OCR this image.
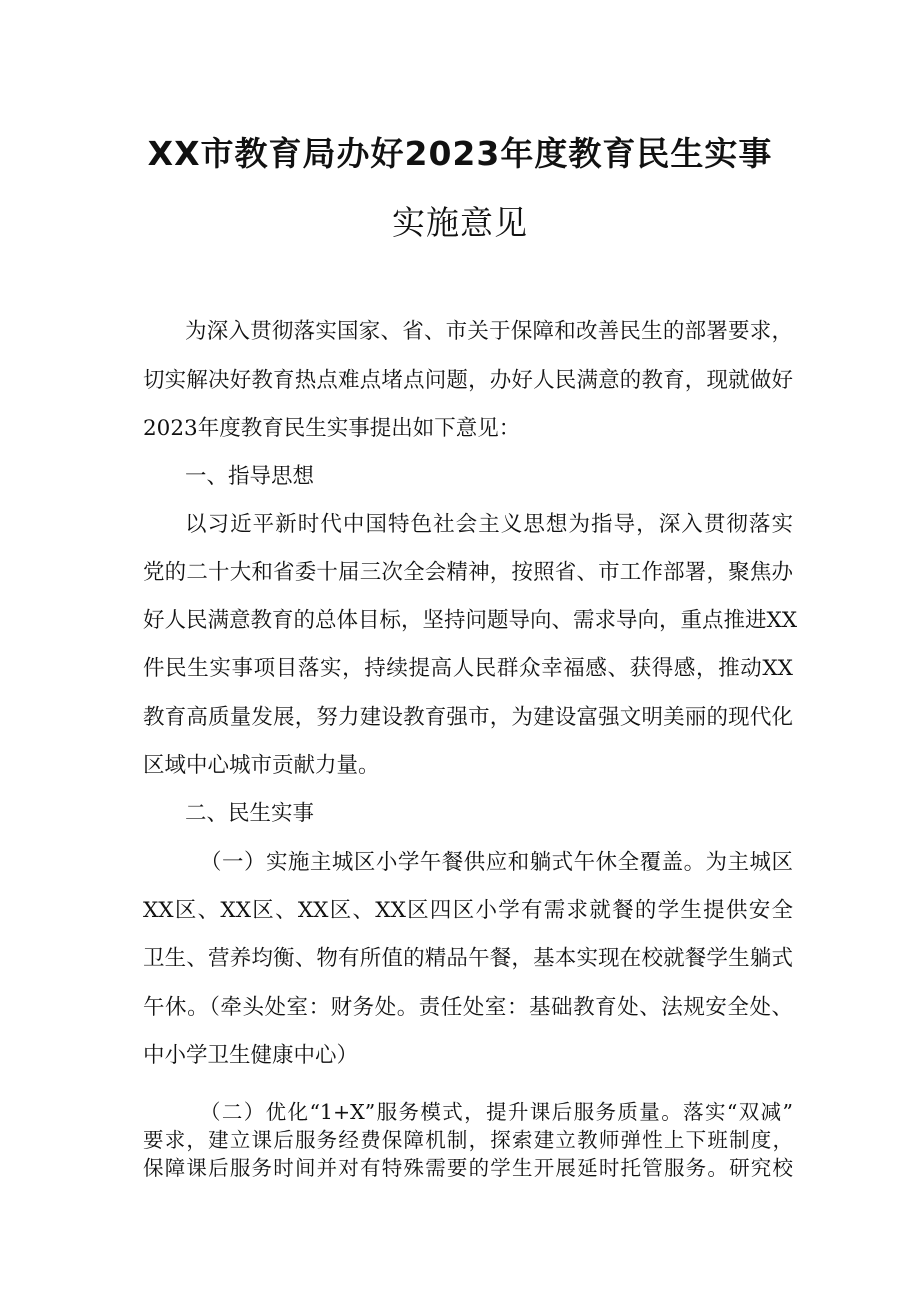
XX市教育局办好2023年度教育民生实事
实施意见
为深入贯彻落实国家、省、市关于保障和改善民生的部署要求，
切实解决好教育热点难点堵点问题，办好人民满意的教育，现就做好
2023年度教育民生实事提出如下意见：
一、指导思想
以习近平新时代中国特色社会主义思想为指导，深入贯彻落实
党的二十大和省委十届三次全会精神，按照省、市工作部署，聚焦办
好人民满意教育的总体目标，坚持问题导向、需求导向，重点推进XX
件民生实事项目落实，持续提高人民群众幸福感、获得感，推动XX
教育高质量发展，努力建设教育强市，为建设富强文明美丽的现代化
区域中心城市贡献力量。
二、民生实事
（一）实施主城区小学午餐供应和躺式午休全覆盖。为主城区
XX区、XX区、XX区、XX区四区小学有需求就餐的学生提供安全
卫生、营养均衡、物有所值的精品午餐，基本实现在校就餐学生躺式
午休。（牵头处室：财务处。责任处室：基础教育处、法规安全处、
中小学卫生健康中心）
（二）优化“1+X”服务模式，提升课后服务质量。落实“双减”
要求，建立课后服务经费保障机制，探索建立教师弹性上下班制度，
保障课后服务时间并对有特殊需要的学生开展延时托管服务。研究校
